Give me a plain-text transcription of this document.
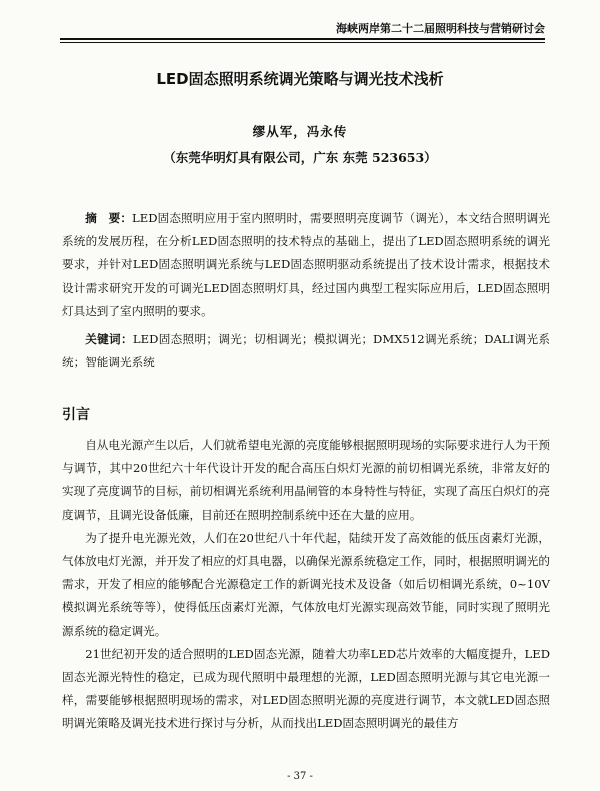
海峡两岸第二十二届照明科技与营销研讨会
LED固态照明系统调光策略与调光技术浅析
缪从军，冯永传
（东莞华明灯具有限公司，广东 东莞 523653）
摘　要：LED固态照明应用于室内照明时，需要照明亮度调节（调光），本文结合照明调光系统的发展历程，在分析LED固态照明的技术特点的基础上，提出了LED固态照明系统的调光要求，并针对LED固态照明调光系统与LED固态照明驱动系统提出了技术设计需求，根据技术设计需求研究开发的可调光LED固态照明灯具，经过国内典型工程实际应用后，LED固态照明灯具达到了室内照明的要求。
关键词：LED固态照明；调光；切相调光；模拟调光；DMX512调光系统；DALI调光系统；智能调光系统
引言

自从电光源产生以后，人们就希望电光源的亮度能够根据照明现场的实际要求进行人为干预与调节，其中20世纪六十年代设计开发的配合高压白炽灯光源的前切相调光系统，非常友好的实现了亮度调节的目标，前切相调光系统利用晶闸管的本身特性与特征，实现了高压白炽灯的亮度调节，且调光设备低廉，目前还在照明控制系统中还在大量的应用。

为了提升电光源光效，人们在20世纪八十年代起，陆续开发了高效能的低压卤素灯光源，气体放电灯光源，并开发了相应的灯具电器，以确保光源系统稳定工作，同时，根据照明调光的需求，开发了相应的能够配合光源稳定工作的新调光技术及设备（如后切相调光系统，0~10V模拟调光系统等等），使得低压卤素灯光源，气体放电灯光源实现高效节能，同时实现了照明光源系统的稳定调光。

21世纪初开发的适合照明的LED固态光源，随着大功率LED芯片效率的大幅度提升，LED固态光源光特性的稳定，已成为现代照明中最理想的光源，LED固态照明光源与其它电光源一样，需要能够根据照明现场的需求，对LED固态照明光源的亮度进行调节，本文就LED固态照明调光策略及调光技术进行探讨与分析，从而找出LED固态照明调光的最佳方

- 37 -
